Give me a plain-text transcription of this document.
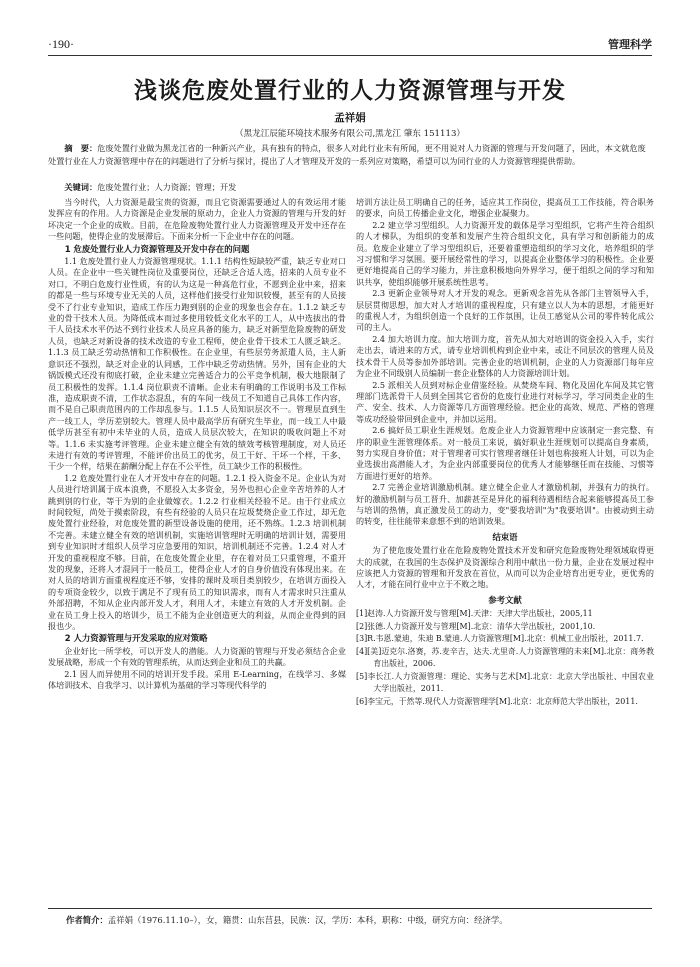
·190·	管理科学
浅谈危废处置行业的人力资源管理与开发
孟祥娟
（黑龙江辰能环境技术服务有限公司,黑龙江 肇东 151113）
摘　要：危废处置行业做为黑龙江省的一种新兴产业，具有独有的特点，很多人对此行业未有所闻，更不用说对人力资源的管理与开发问题了，因此，本文就危废处置行业在人力资源管理中存在的问题进行了分析与探讨，提出了人才管理及开发的一系列应对策略，希望可以为同行业的人力资源管理提供帮助。
关键词：危废处置行业；人力资源；管理；开发

当今时代，人力资源是最宝贵的资源，而且它资源需要通过人的有效运用才能发挥应有的作用。人力资源是企业发展的原动力，企业人力资源的管理与开发的好坏决定一个企业的成败。目前，在危险废物处置行业人力资源管理及开发中还存在一些问题，使得企业的发展滞后。下面来分析一下企业中存在的问题。

1 危废处置行业人力资源管理及开发中存在的问题

1.1 危废处置行业人力资源管理现状。1.1.1 结构性短缺较严重，缺乏专业对口人员。在企业中一些关键性岗位及重要岗位，还缺乏合适人选，招来的人员专业不对口，不明白危废行业性质，有的认为这是一种高危行业，不愿到企业中来，招来的都是一些与环境专业无关的人员，这样他们接受行业知识较慢，甚至有的人员接受不了行业专业知识，造成工作压力跑到别的企业的现象也会存在。1.1.2 缺乏专业的骨干技术人员。为降低成本而过多使用较低文化水平的工人，从中选拔出的骨干人员技术水平仍达不到行业技术人员应具备的能力，缺乏对新型危险废物的研发人员，也缺乏对新设备的技术改造的专业工程师，使企业骨干技术工人匮乏缺乏。1.1.3 员工缺乏劳动热情和工作积极性。在企业里，有些层劳务派遣人员，主人新意识还不强烈，缺乏对企业的认同感，工作中缺乏劳动热情。另外，国有企业的大锅饭模式还没有彻底打破，企业未建立完善适合力的公平竞争机制，极大地限制了员工积极性的发挥。1.1.4 岗位职责不清晰。企业未有明确的工作说明书及工作标准，造成职责不清，工作状态混乱，有的车间一线员工不知道自己具体工作内容，而不是自己职责范围内的工作却乱参与。1.1.5 人员知识层次不一。管理层直到生产一线工人，学历差别较大。管理人员中最高学历有研究生毕业，而一线工人中最低学历甚至有初中未毕业的人员，造成人员层次较大，在知识的吸收问题上不对等。1.1.6 未实施考评管理。企业未建立健全有效的绩效考核管理制度，对人员还未进行有效的考评管理，不能评价出员工的优劣，员工干好、干坏一个样，干多、干少一个样，结果在薪酬分配上存在不公平性，员工缺少工作的积极性。

1.2 危废处置行业在人才开发中存在的问题。1.2.1 投入资金不足。企业认为对人员进行培训属于成本浪费，不愿投入太多资金，另外也担心企业辛苦培养的人才跳到别的行业，等于为别的企业做嫁衣。1.2.2 行业相关经验不足。由于行业成立时间较短，尚处于摸索阶段，有些有经验的人员只在垃圾焚烧企业工作过，却无危废处置行业经验，对危废处置的新型设备设施的使用，还不熟练。1.2.3 培训机制不完善。未建立健全有效的培训机制，实施培训管理时无明确的培训计划，需要用到专业知识时才组织人员学习应急要用的知识，培训机制还不完善。1.2.4 对人才开发的重视程度不够。目前，在危废处置企业里，存在着对员工只重管理，不重开发的现象，还将人才混同于一般员工，使得企业人才的自身价值没有体现出来。在对人员的培训方面重视程度还不够，安排的课时及项目类别较少，在培训方面投入的专项资金较少，以致于满足不了现有员工的知识需求，而有人才需求时只注重从外部招聘，不知从企业内部开发人才，利用人才，未建立有效的人才开发机制。企业在员工身上投入的培训少，员工不能为企业创造更大的利益，从而企业得到的回报也少。

2 人力资源管理与开发采取的应对策略

企业好比一所学校，可以开发人的潜能。人力资源的管理与开发必须结合企业发展战略，形成一个有效的管理系统，从而达到企业和员工的共赢。

2.1 因人而异使用不同的培训开发手段。采用 E-Learning，在线学习、多媒体培训技术、自我学习、以计算机为基础的学习等现代科学的

培训方法让员工明确自己的任务，适应其工作岗位，提高员工工作技能，符合职务的要求，向员工传播企业文化，增强企业凝聚力。

2.2 建立学习型组织。人力资源开发的载体是学习型组织，它将产生符合组织的人才梯队，为组织的变革和发展产生符合组织文化，具有学习和创新能力的成员。危废企业建立了学习型组织后，还要着重塑造组织的学习文化，培养组织的学习习惯和学习氛围。要开展经常性的学习，以提高企业整体学习的积极性。企业要更好地提高自己的学习能力，并注意积极地向外界学习，便于组织之间的学习和知识共享，使组织能够开展系统性思考。

2.3 更新企业领导对人才开发的观念。更新观念首先从各部门主管领导入手，层层贯彻思想，加大对人才培训的重视程度，只有建立以人为本的思想，才能更好的重视人才，为组织创造一个良好的工作氛围，让员工感觉从公司的零件转化成公司的主人。

2.4 加大培训力度。加大培训力度，首先从加大对培训的资金投入入手，实行走出去，请进来的方式，请专业培训机构到企业中来，或让不同层次的管理人员及技术骨干人员等参加外部培训。完善企业的培训机制，企业的人力资源部门每年应为企业不同级别人员编制一套企业整体的人力资源培训计划。

2.5 派相关人员到对标企业借鉴经验。从焚烧车间、物化及固化车间及其它管理部门选派骨干人员到全国其它省份的危废行业进行对标学习，学习同类企业的生产、安全、技术、人力资源等几方面管理经验。把企业的高效、规范、严格的管理等成功经验带回到企业中，并加以运用。

2.6 搞好员工职业生涯规划。危废企业人力资源管理中应该制定一套完整、有序的职业生涯管理体系。对一般员工来说，搞好职业生涯规划可以提高自身素质，努力实现自身价值；对于管理者可实行管理者继任计划也称接班人计划，可以为企业选拔出高潜能人才，为企业内部重要岗位的优秀人才能够继任而在技能、习惯等方面进行更好的培养。

2.7 完善企业培训激励机制。建立健全企业人才激励机制，并强有力的执行。好的激励机制与员工晋升、加薪甚至是异化的福利待遇相结合起来能够提高员工参与培训的热情，真正激发员工的动力，变"要我培训"为"我要培训"。由被动到主动的转变，往往能带来意想不到的培训效果。

结束语

为了使危废处置行业在危险废物处置技术开发和研究危险废物处理领域取得更大的成就，在我国的生态保护及资源综合利用中献出一份力量，企业在发展过程中应该把人力资源的管理和开发放在首位，从而可以为企业培育出更专业，更优秀的人才，才能在同行业中立于不败之地。

参考文献

[1]赵涛.人力资源开发与管理[M].天津：天津大学出版社，2005,11

[2]张德.人力资源开发与管理[M].北京：清华大学出版社，2001,10.

[3]R.韦恩.蒙迪，朱迪 B.蒙迪.人力资源管理[M].北京：机械工业出版社，2011.7.

[4][美]迈克尔.洛赛，苏.麦辛吉，达夫.尤里奇.人力资源管理的未来[M].北京：商务教育出版社，2006.

[5]李长江.人力资源管理：理论、实务与艺术[M].北京：北京大学出版社、中国农业大学出版社，2011.

[6]李宝元，于然等.现代人力资源管理学[M].北京：北京师范大学出版社，2011.

作者简介：孟祥娟（1976.11.10–），女，籍贯：山东莒县，民族：汉，学历：本科，职称：中级，研究方向：经济学。
